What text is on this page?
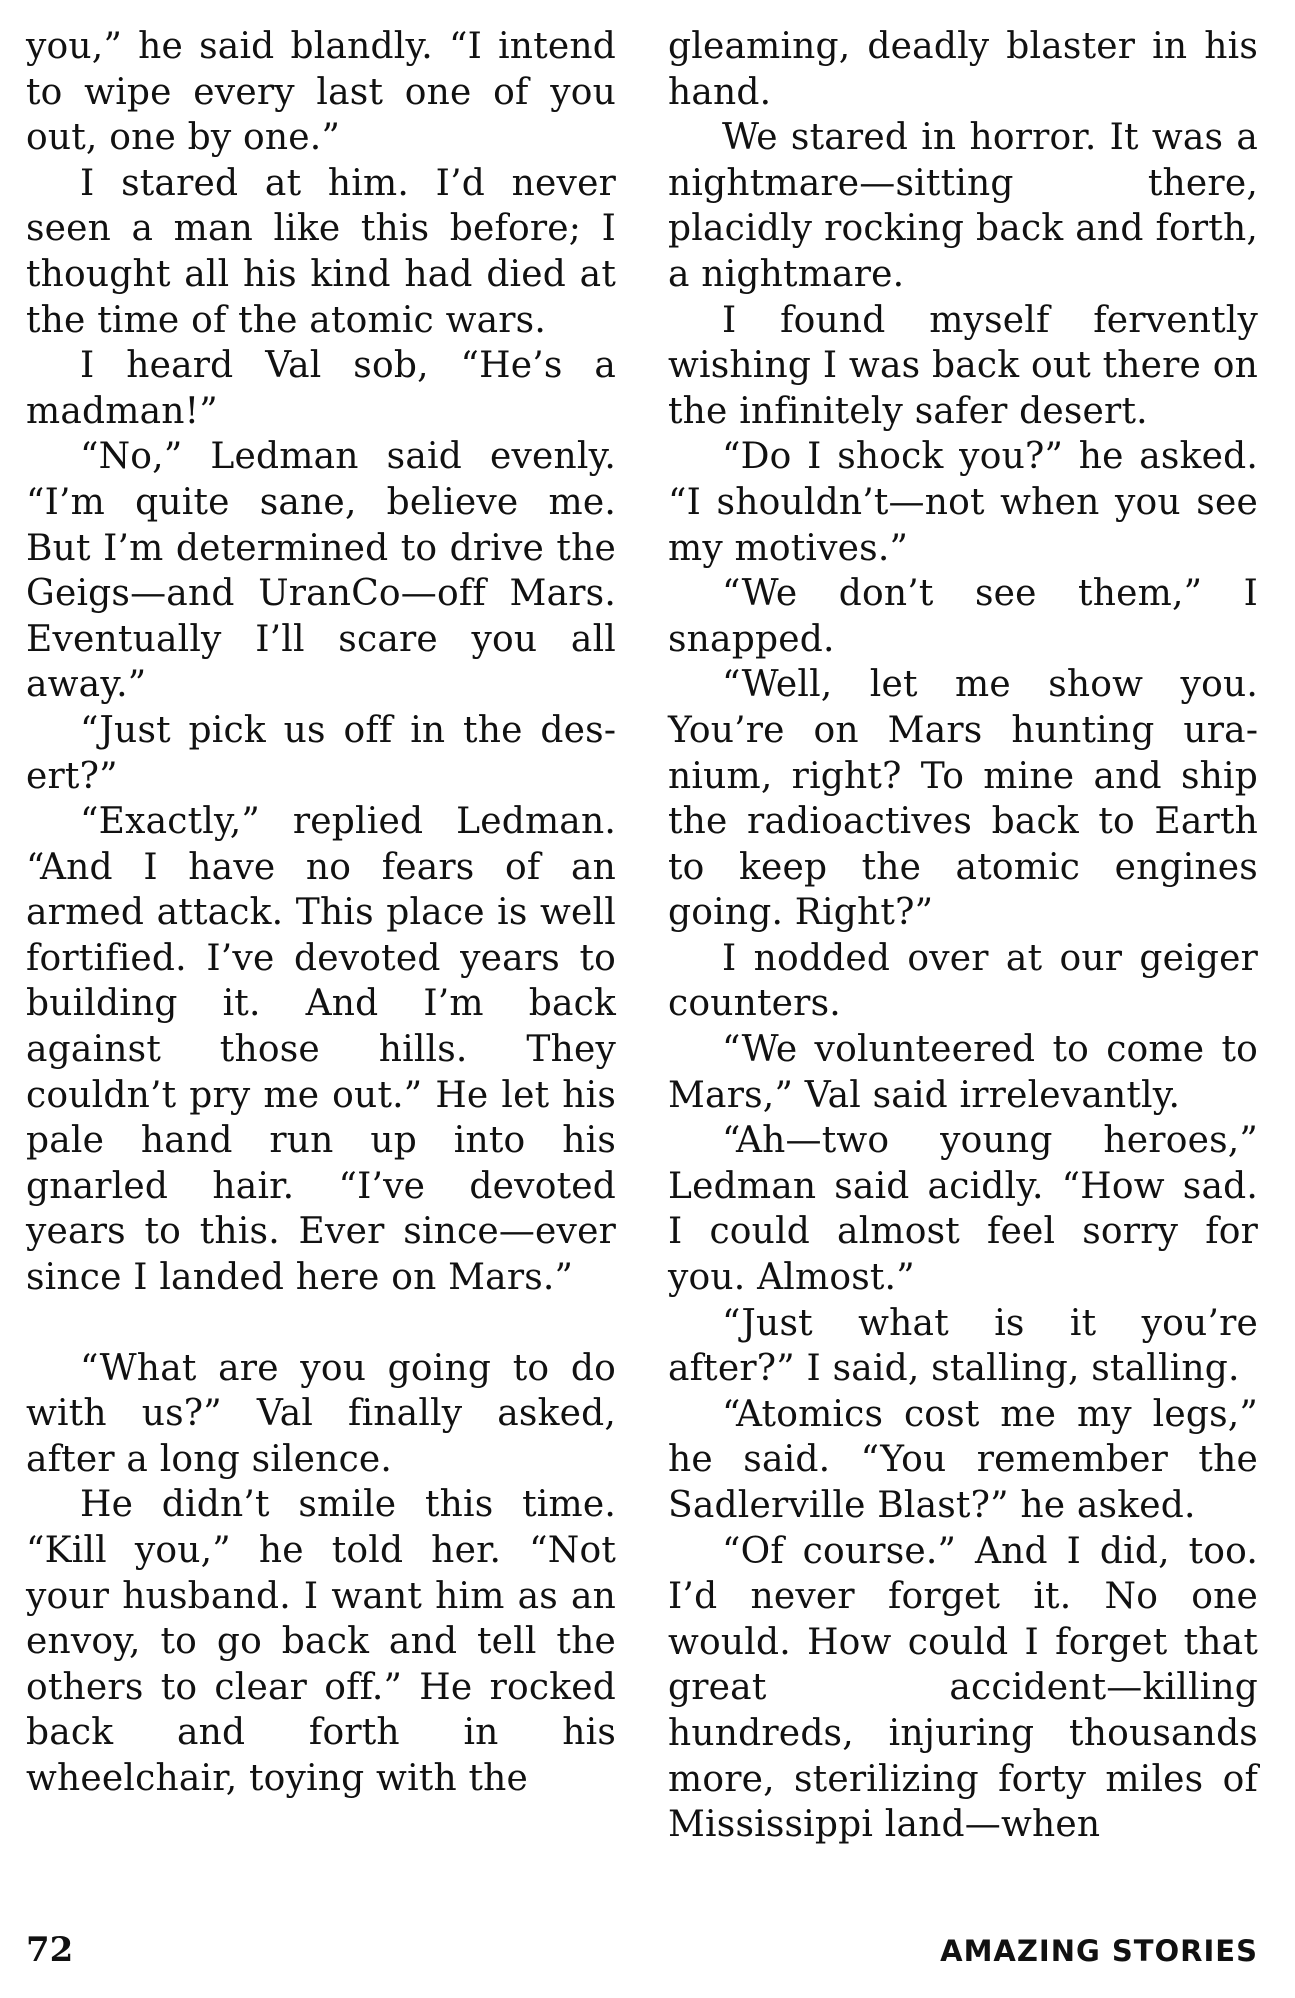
you,” he said blandly. “I intend to wipe every last one of you out, one by one.”

I stared at him. I’d never seen a man like this before; I thought all his kind had died at the time of the atomic wars.

I heard Val sob, “He’s a madman!”

“No,” Ledman said evenly. “I’m quite sane, believe me. But I’m determined to drive the Geigs—and UranCo—off Mars. Eventually I’ll scare you all away.”

“Just pick us off in the desert?”

“Exactly,” replied Ledman. “And I have no fears of an armed attack. This place is well fortified. I’ve devoted years to building it. And I’m back against those hills. They couldn’t pry me out.” He let his pale hand run up into his gnarled hair. “I’ve devoted years to this. Ever since—ever since I landed here on Mars.”

“What are you going to do with us?” Val finally asked, after a long silence.

He didn’t smile this time. “Kill you,” he told her. “Not your husband. I want him as an envoy, to go back and tell the others to clear off.” He rocked back and forth in his wheelchair, toying with the

gleaming, deadly blaster in his hand.

We stared in horror. It was a nightmare—sitting there, placidly rocking back and forth, a nightmare.

I found myself fervently wishing I was back out there on the infinitely safer desert.

“Do I shock you?” he asked. “I shouldn’t—not when you see my motives.”

“We don’t see them,” I snapped.

“Well, let me show you. You’re on Mars hunting uranium, right? To mine and ship the radioactives back to Earth to keep the atomic engines going. Right?”

I nodded over at our geiger counters.

“We volunteered to come to Mars,” Val said irrelevantly.

“Ah—two young heroes,” Ledman said acidly. “How sad. I could almost feel sorry for you. Almost.”

“Just what is it you’re after?” I said, stalling, stalling.

“Atomics cost me my legs,” he said. “You remember the Sadlerville Blast?” he asked.

“Of course.” And I did, too. I’d never forget it. No one would. How could I forget that great accident—killing hundreds, injuring thousands more, sterilizing forty miles of Mississippi land—when

72	AMAZING STORIES
